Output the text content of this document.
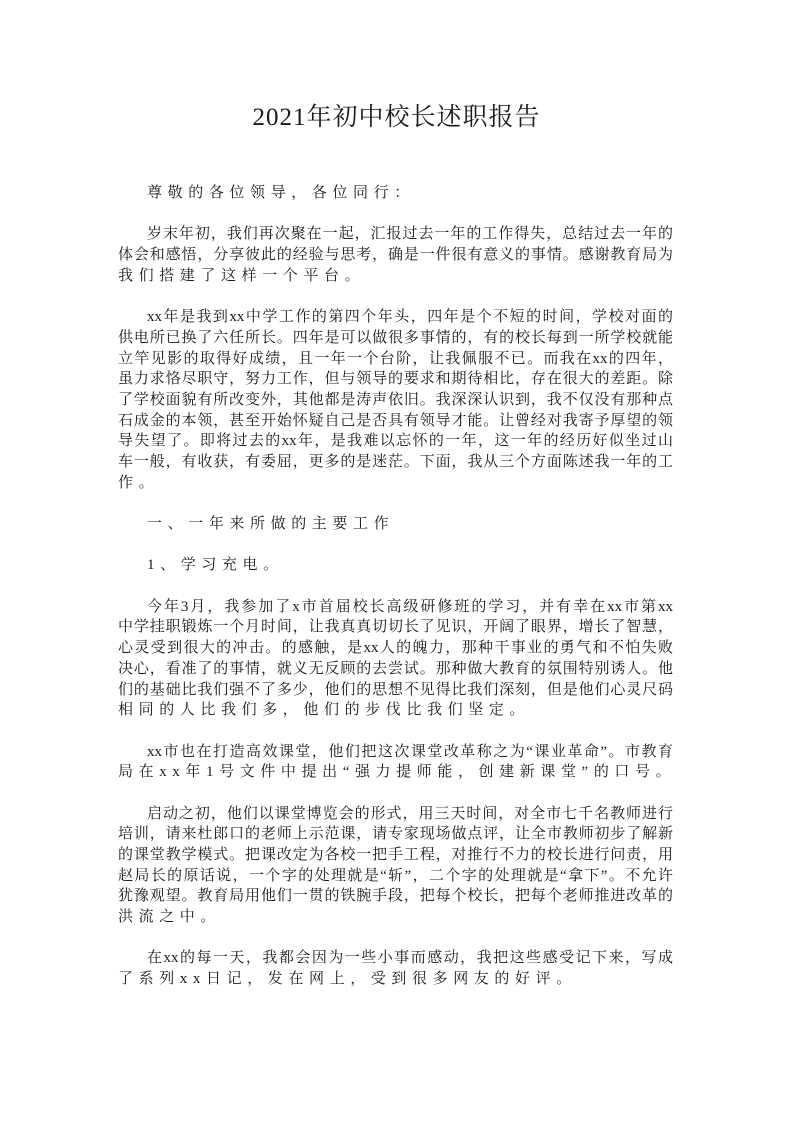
2021年初中校长述职报告
尊敬的各位领导，各位同行：
岁末年初，我们再次聚在一起，汇报过去一年的工作得失，总结过去一年的
体会和感悟，分享彼此的经验与思考，确是一件很有意义的事情。感谢教育局为
我们搭建了这样一个平台。
xx年是我到xx中学工作的第四个年头，四年是个不短的时间，学校对面的
供电所已换了六任所长。四年是可以做很多事情的，有的校长每到一所学校就能
立竿见影的取得好成绩，且一年一个台阶，让我佩服不已。而我在xx的四年，
虽力求恪尽职守，努力工作，但与领导的要求和期待相比，存在很大的差距。除
了学校面貌有所改变外，其他都是涛声依旧。我深深认识到，我不仅没有那种点
石成金的本领，甚至开始怀疑自己是否具有领导才能。让曾经对我寄予厚望的领
导失望了。即将过去的xx年，是我难以忘怀的一年，这一年的经历好似坐过山
车一般，有收获，有委屈，更多的是迷茫。下面，我从三个方面陈述我一年的工
作。
一、一年来所做的主要工作
1、学习充电。
今年3月，我参加了x市首届校长高级研修班的学习，并有幸在xx市第xx
中学挂职锻炼一个月时间，让我真真切切长了见识，开阔了眼界，增长了智慧，
心灵受到很大的冲击。的感触，是xx人的魄力，那种干事业的勇气和不怕失败
决心，看准了的事情，就义无反顾的去尝试。那种做大教育的氛围特别诱人。他
们的基础比我们强不了多少，他们的思想不见得比我们深刻，但是他们心灵尺码
相同的人比我们多，他们的步伐比我们坚定。
xx市也在打造高效课堂，他们把这次课堂改革称之为“课业革命”。市教育
局在xx年1号文件中提出“强力提师能，创建新课堂”的口号。
启动之初，他们以课堂博览会的形式，用三天时间，对全市七千名教师进行
培训，请来杜郎口的老师上示范课，请专家现场做点评，让全市教师初步了解新
的课堂教学模式。把课改定为各校一把手工程，对推行不力的校长进行问责，用
赵局长的原话说，一个字的处理就是“斩”，二个字的处理就是“拿下”。不允许
犹豫观望。教育局用他们一贯的铁腕手段，把每个校长，把每个老师推进改革的
洪流之中。
在xx的每一天，我都会因为一些小事而感动，我把这些感受记下来，写成
了系列xx日记，发在网上，受到很多网友的好评。
